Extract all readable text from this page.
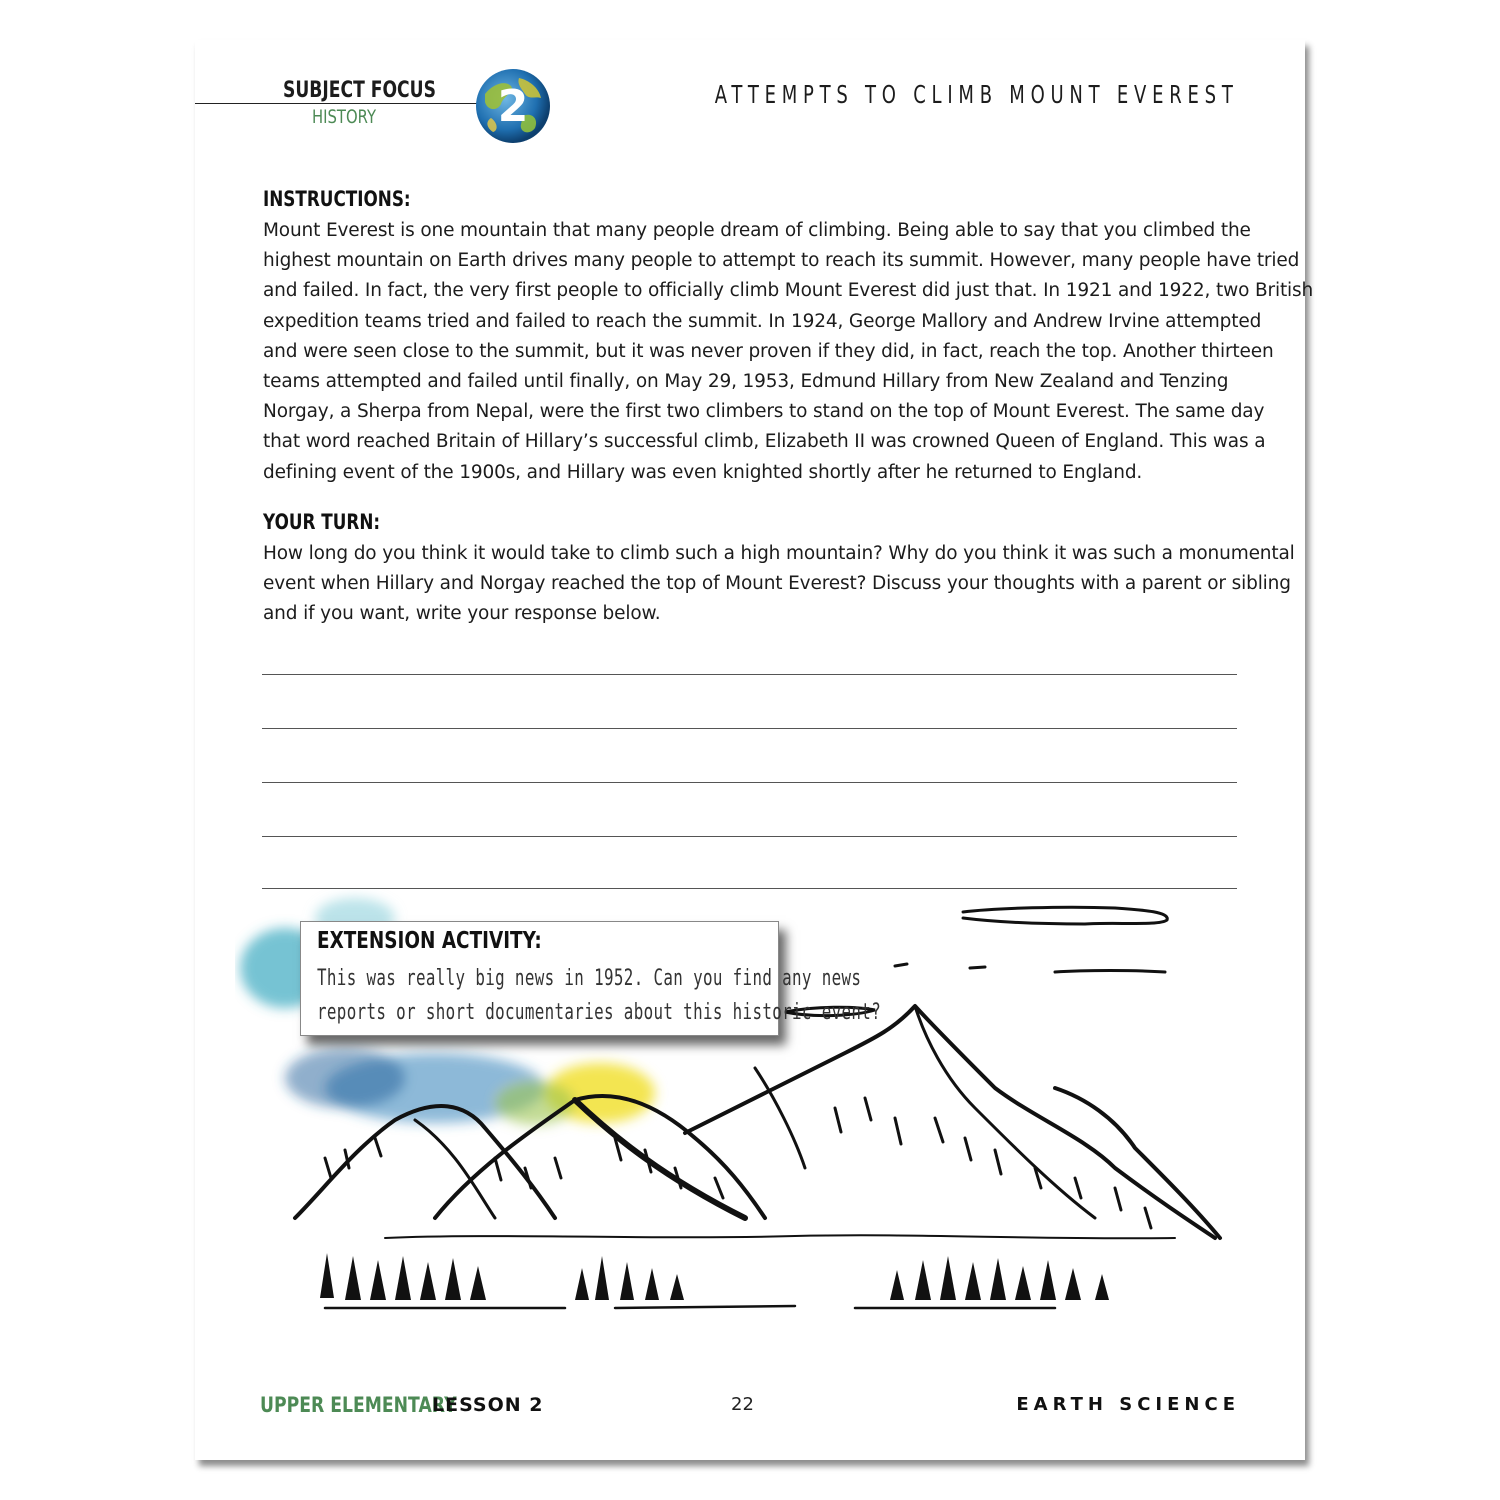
SUBJECT FOCUS
HISTORY	2	ATTEMPTS TO CLIMB MOUNT EVEREST
INSTRUCTIONS:
Mount Everest is one mountain that many people dream of climbing. Being able to say that you climbed the
highest mountain on Earth drives many people to attempt to reach its summit. However, many people have tried
and failed. In fact, the very first people to officially climb Mount Everest did just that. In 1921 and 1922, two British
expedition teams tried and failed to reach the summit. In 1924, George Mallory and Andrew Irvine attempted
and were seen close to the summit, but it was never proven if they did, in fact, reach the top. Another thirteen
teams attempted and failed until finally, on May 29, 1953, Edmund Hillary from New Zealand and Tenzing
Norgay, a Sherpa from Nepal, were the first two climbers to stand on the top of Mount Everest. The same day
that word reached Britain of Hillary’s successful climb, Elizabeth II was crowned Queen of England. This was a
defining event of the 1900s, and Hillary was even knighted shortly after he returned to England.
YOUR TURN:
How long do you think it would take to climb such a high mountain? Why do you think it was such a monumental
event when Hillary and Norgay reached the top of Mount Everest? Discuss your thoughts with a parent or sibling
and if you want, write your response below.
EXTENSION ACTIVITY:
This was really big news in 1952. Can you find any news
reports or short documentaries about this historic event?
UPPER ELEMENTARY
LESSON 2	22	EARTH SCIENCE
